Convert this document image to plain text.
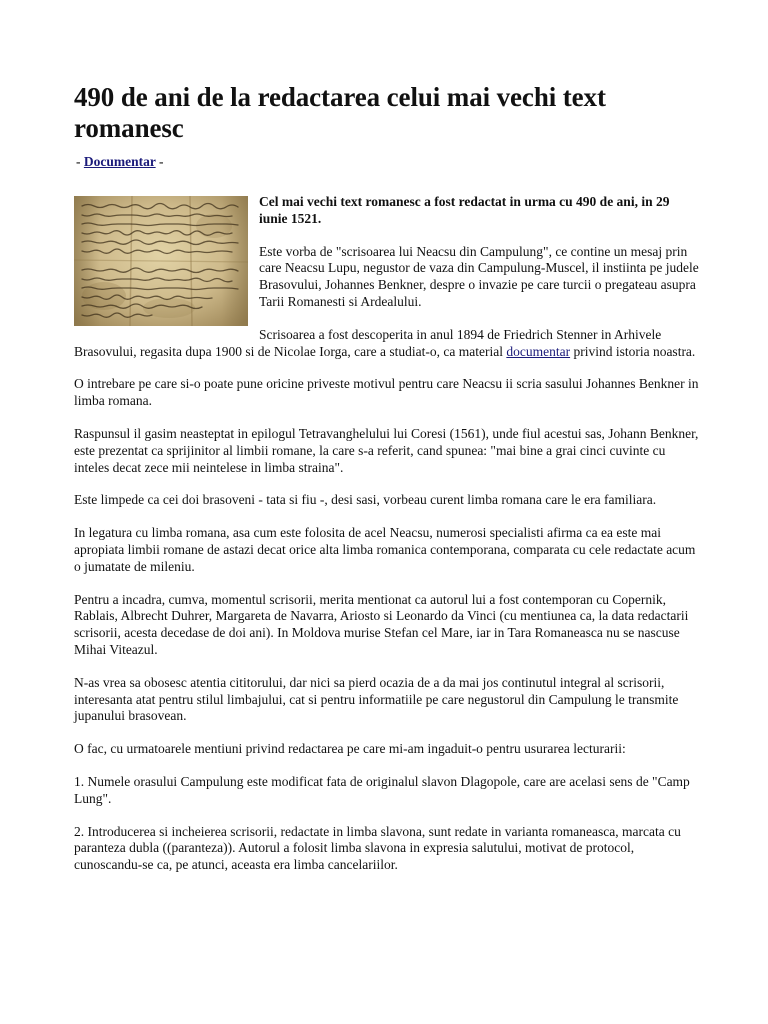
490 de ani de la redactarea celui mai vechi text romanesc
- Documentar -

Cel mai vechi text romanesc a fost redactat in urma cu 490 de ani, in 29 iunie 1521.

Este vorba de "scrisoarea lui Neacsu din Campulung", ce contine un mesaj prin care Neacsu Lupu, negustor de vaza din Campulung-Muscel, il instiinta pe judele Brasovului, Johannes Benkner, despre o invazie pe care turcii o pregateau asupra Tarii Romanesti si Ardealului.

Scrisoarea a fost descoperita in anul 1894 de Friedrich Stenner in Arhivele Brasovului, regasita dupa 1900 si de Nicolae Iorga, care a studiat-o, ca material documentar privind istoria noastra.

O intrebare pe care si-o poate pune oricine priveste motivul pentru care Neacsu ii scria sasului Johannes Benkner in limba romana.

Raspunsul il gasim neasteptat in epilogul Tetravanghelului lui Coresi (1561), unde fiul acestui sas, Johann Benkner, este prezentat ca sprijinitor al limbii romane, la care s-a referit, cand spunea: "mai bine a grai cinci cuvinte cu inteles decat zece mii neintelese in limba straina".

Este limpede ca cei doi brasoveni - tata si fiu -, desi sasi, vorbeau curent limba romana care le era familiara.

In legatura cu limba romana, asa cum este folosita de acel Neacsu, numerosi specialisti afirma ca ea este mai apropiata limbii romane de astazi decat orice alta limba romanica contemporana, comparata cu cele redactate acum o jumatate de mileniu.

Pentru a incadra, cumva, momentul scrisorii, merita mentionat ca autorul lui a fost contemporan cu Copernik, Rablais, Albrecht Duhrer, Margareta de Navarra, Ariosto si Leonardo da Vinci (cu mentiunea ca, la data redactarii scrisorii, acesta decedase de doi ani). In Moldova murise Stefan cel Mare, iar in Tara Romaneasca nu se nascuse Mihai Viteazul.

N-as vrea sa obosesc atentia cititorului, dar nici sa pierd ocazia de a da mai jos continutul integral al scrisorii, interesanta atat pentru stilul limbajului, cat si pentru informatiile pe care negustorul din Campulung le transmite jupanului brasovean.

O fac, cu urmatoarele mentiuni privind redactarea pe care mi-am ingaduit-o pentru usurarea lecturarii:

1. Numele orasului Campulung este modificat fata de originalul slavon Dlagopole, care are acelasi sens de "Camp Lung".

2. Introducerea si incheierea scrisorii, redactate in limba slavona, sunt redate in varianta romaneasca, marcata cu paranteza dubla ((paranteza)). Autorul a folosit limba slavona in expresia salutului, motivat de protocol, cunoscandu-se ca, pe atunci, aceasta era limba cancelariilor.
